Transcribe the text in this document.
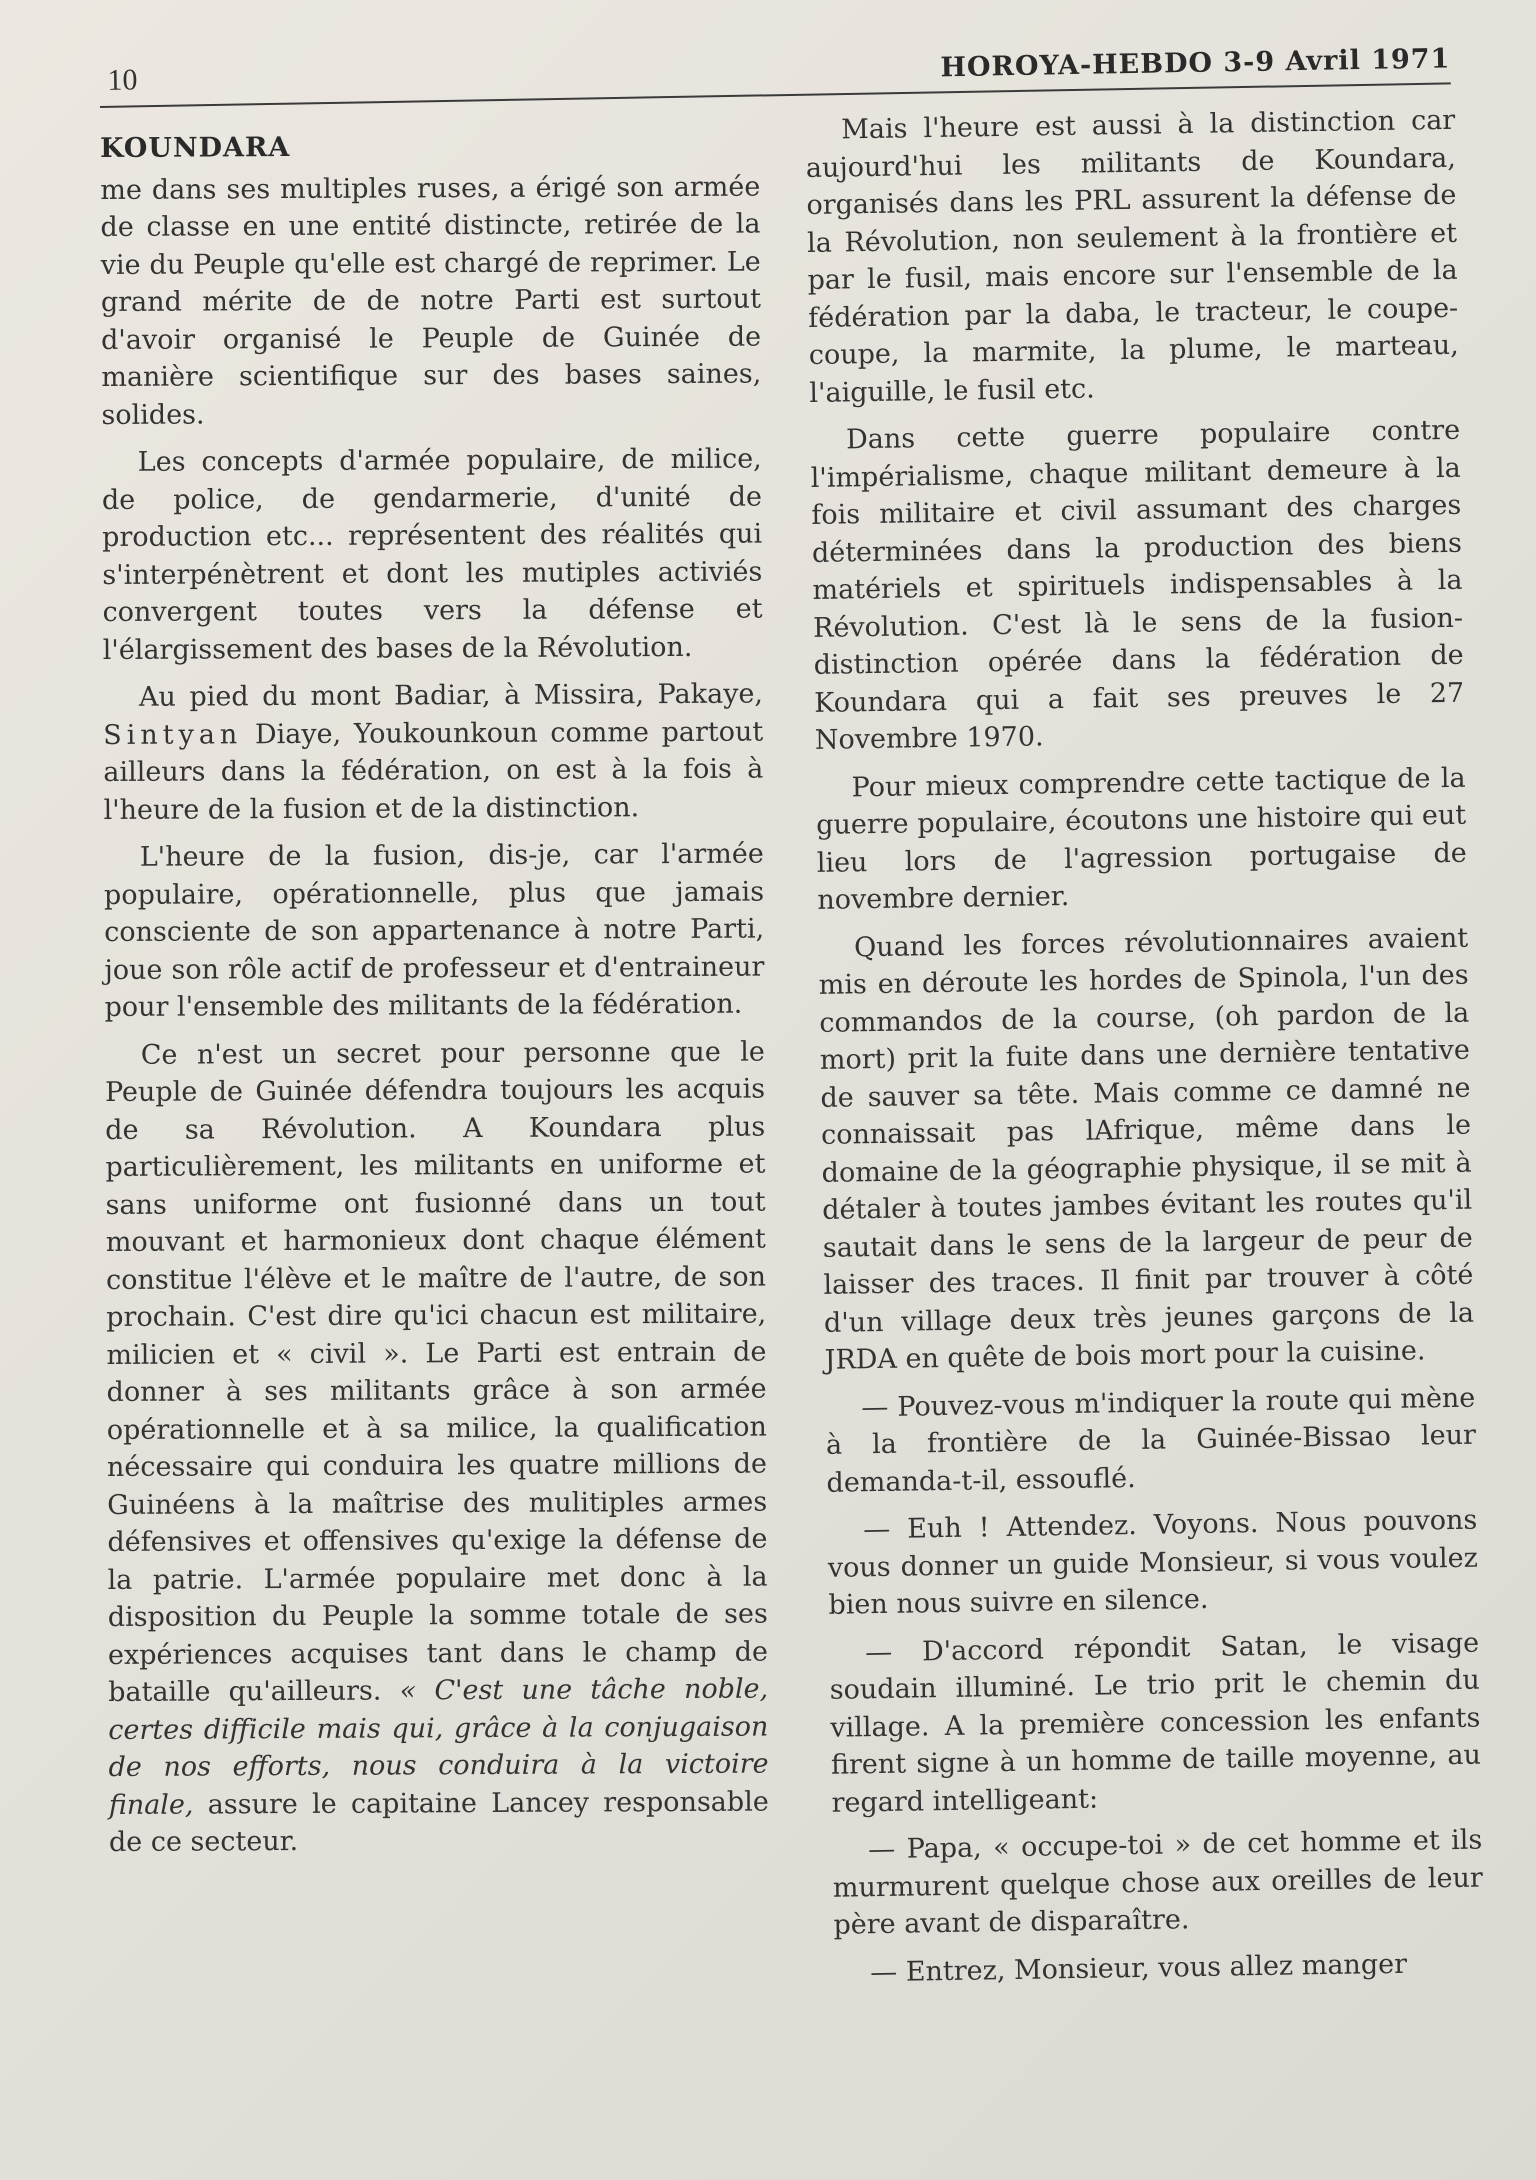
10	HOROYA-HEBDO 3-9 Avril 1971
KOUNDARA

me dans ses multiples ruses, a érigé son armée de classe en une entité distincte, retirée de la vie du Peuple qu'elle est chargé de reprimer. Le grand mérite de de notre Parti est surtout d'avoir organisé le Peuple de Guinée de manière scientifique sur des bases saines, solides.

Les concepts d'armée populaire, de milice, de police, de gendarmerie, d'unité de production etc... représentent des réalités qui s'interpénètrent et dont les mutiples activiés convergent toutes vers la défense et l'élargissement des bases de la Révolution.

Au pied du mont Badiar, à Missira, Pakaye, Sintyan Diaye, Youkounkoun comme partout ailleurs dans la fédération, on est à la fois à l'heure de la fusion et de la distinction.

L'heure de la fusion, dis-je, car l'armée populaire, opérationnelle, plus que jamais consciente de son appartenance à notre Parti, joue son rôle actif de professeur et d'entraineur pour l'ensemble des militants de la fédération.

Ce n'est un secret pour personne que le Peuple de Guinée défendra toujours les acquis de sa Révolution. A Koundara plus particulièrement, les militants en uniforme et sans uniforme ont fusionné dans un tout mouvant et harmonieux dont chaque élément constitue l'élève et le maître de l'autre, de son prochain. C'est dire qu'ici chacun est militaire, milicien et « civil ». Le Parti est entrain de donner à ses militants grâce à son armée opérationnelle et à sa milice, la qualification nécessaire qui conduira les quatre millions de Guinéens à la maîtrise des mulitiples armes défensives et offensives qu'exige la défense de la patrie. L'armée populaire met donc à la disposition du Peuple la somme totale de ses expériences acquises tant dans le champ de bataille qu'ailleurs. « C'est une tâche noble, certes difficile mais qui, grâce à la conjugaison de nos efforts, nous conduira à la victoire finale, assure le capitaine Lancey responsable de ce secteur.

Mais l'heure est aussi à la distinction car aujourd'hui les militants de Koundara, organisés dans les PRL assurent la défense de la Révolution, non seulement à la frontière et par le fusil, mais encore sur l'ensemble de la fédération par la daba, le tracteur, le coupe-coupe, la marmite, la plume, le marteau, l'aiguille, le fusil etc.

Dans cette guerre populaire contre l'impérialisme, chaque militant demeure à la fois militaire et civil assumant des charges déterminées dans la production des biens matériels et spirituels indispensables à la Révolution. C'est là le sens de la fusion-distinction opérée dans la fédération de Koundara qui a fait ses preuves le 27 Novembre 1970.

Pour mieux comprendre cette tactique de la guerre populaire, écoutons une histoire qui eut lieu lors de l'agression portugaise de novembre dernier.

Quand les forces révolutionnaires avaient mis en déroute les hordes de Spinola, l'un des commandos de la course, (oh pardon de la mort) prit la fuite dans une dernière tentative de sauver sa tête. Mais comme ce damné ne connaissait pas lAfrique, même dans le domaine de la géographie physique, il se mit à détaler à toutes jambes évitant les routes qu'il sautait dans le sens de la largeur de peur de laisser des traces. Il finit par trouver à côté d'un village deux très jeunes garçons de la JRDA en quête de bois mort pour la cuisine.

— Pouvez-vous m'indiquer la route qui mène à la frontière de la Guinée-Bissao leur demanda-t-il, essouflé.

— Euh ! Attendez. Voyons. Nous pouvons vous donner un guide Monsieur, si vous voulez bien nous suivre en silence.

— D'accord répondit Satan, le visage soudain illuminé. Le trio prit le chemin du village. A la première concession les enfants firent signe à un homme de taille moyenne, au regard intelligeant:

— Papa, « occupe-toi » de cet homme et ils murmurent quelque chose aux oreilles de leur père avant de disparaître.

— Entrez, Monsieur, vous allez manger
